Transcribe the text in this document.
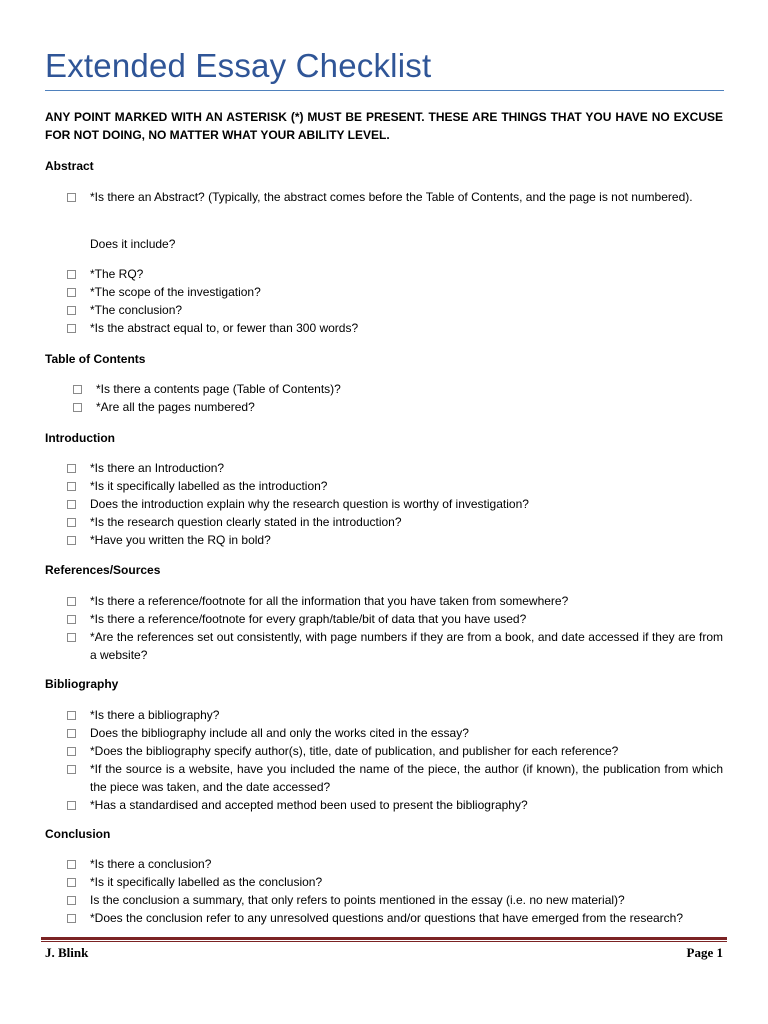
Extended Essay Checklist
ANY POINT MARKED WITH AN ASTERISK (*) MUST BE PRESENT. THESE ARE THINGS THAT YOU HAVE NO EXCUSE FOR NOT DOING, NO MATTER WHAT YOUR ABILITY LEVEL.
Abstract
*Is there an Abstract? (Typically, the abstract comes before the Table of Contents, and the page is not numbered).
Does it include?
*The RQ?
*The scope of the investigation?
*The conclusion?
*Is the abstract equal to, or fewer than 300 words?
Table of Contents
*Is there a contents page (Table of Contents)?
*Are all the pages numbered?
Introduction
*Is there an Introduction?
*Is it specifically labelled as the introduction?
Does the introduction explain why the research question is worthy of investigation?
*Is the research question clearly stated in the introduction?
*Have you written the RQ in bold?
References/Sources
*Is there a reference/footnote for all the information that you have taken from somewhere?
*Is there a reference/footnote for every graph/table/bit of data that you have used?
*Are the references set out consistently, with page numbers if they are from a book, and date accessed if they are from a website?
Bibliography
*Is there a bibliography?
Does the bibliography include all and only the works cited in the essay?
*Does the bibliography specify author(s), title, date of publication, and publisher for each reference?
*If the source is a website, have you included the name of the piece, the author (if known), the publication from which the piece was taken, and the date accessed?
*Has a standardised and accepted method been used to present the bibliography?
Conclusion
*Is there a conclusion?
*Is it specifically labelled as the conclusion?
Is the conclusion a summary, that only refers to points mentioned in the essay (i.e. no new material)?
*Does the conclusion refer to any unresolved questions and/or questions that have emerged from the research?
J. Blink	Page 1
